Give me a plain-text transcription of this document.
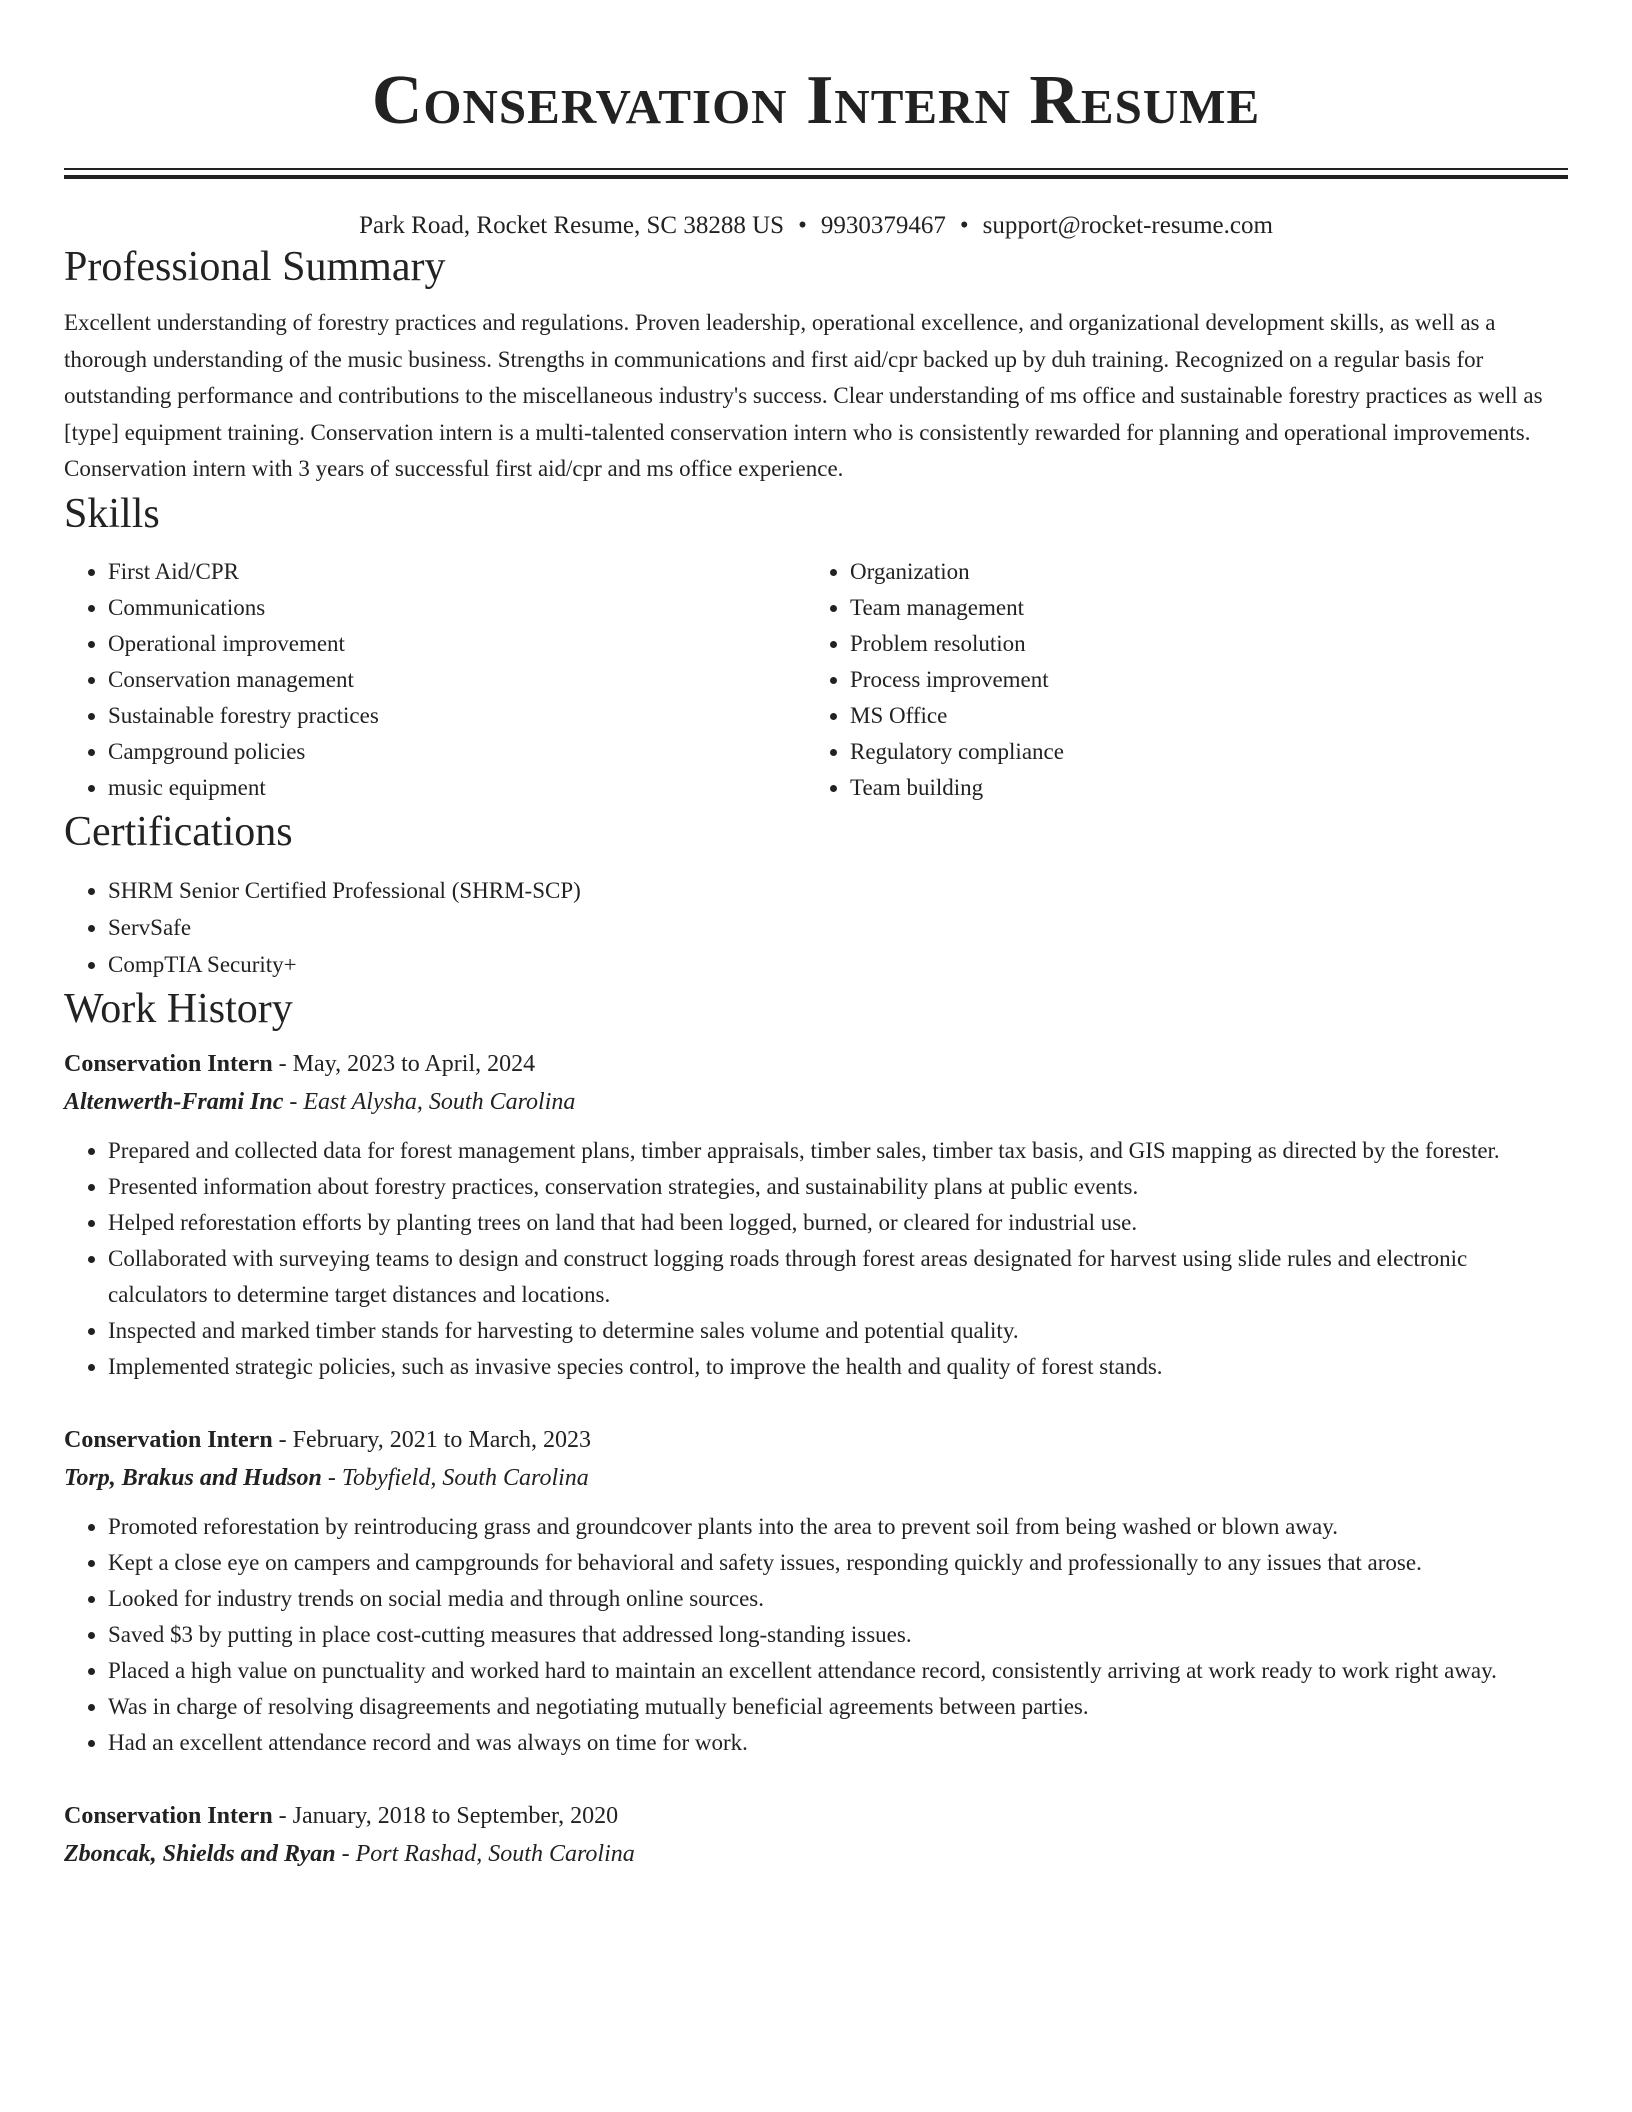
Conservation Intern Resume
Park Road, Rocket Resume, SC 38288 US • 9930379467 • support@rocket-resume.com
Professional Summary

Excellent understanding of forestry practices and regulations. Proven leadership, operational excellence, and organizational development skills, as well as a thorough understanding of the music business. Strengths in communications and first aid/cpr backed up by duh training. Recognized on a regular basis for outstanding performance and contributions to the miscellaneous industry's success. Clear understanding of ms office and sustainable forestry practices as well as [type] equipment training. Conservation intern is a multi-talented conservation intern who is consistently rewarded for planning and operational improvements. Conservation intern with 3 years of successful first aid/cpr and ms office experience.

Skills
• First Aid/CPR
• Communications
• Operational improvement
• Conservation management
• Sustainable forestry practices
• Campground policies
• music equipment
• Organization
• Team management
• Problem resolution
• Process improvement
• MS Office
• Regulatory compliance
• Team building
Certifications
• SHRM Senior Certified Professional (SHRM-SCP)
• ServSafe
• CompTIA Security+
Work History
Conservation Intern - May, 2023 to April, 2024
Altenwerth-Frami Inc - East Alysha, South Carolina
• Prepared and collected data for forest management plans, timber appraisals, timber sales, timber tax basis, and GIS mapping as directed by the forester.
• Presented information about forestry practices, conservation strategies, and sustainability plans at public events.
• Helped reforestation efforts by planting trees on land that had been logged, burned, or cleared for industrial use.
• Collaborated with surveying teams to design and construct logging roads through forest areas designated for harvest using slide rules and electronic calculators to determine target distances and locations.
• Inspected and marked timber stands for harvesting to determine sales volume and potential quality.
• Implemented strategic policies, such as invasive species control, to improve the health and quality of forest stands.
Conservation Intern - February, 2021 to March, 2023
Torp, Brakus and Hudson - Tobyfield, South Carolina
• Promoted reforestation by reintroducing grass and groundcover plants into the area to prevent soil from being washed or blown away.
• Kept a close eye on campers and campgrounds for behavioral and safety issues, responding quickly and professionally to any issues that arose.
• Looked for industry trends on social media and through online sources.
• Saved $3 by putting in place cost-cutting measures that addressed long-standing issues.
• Placed a high value on punctuality and worked hard to maintain an excellent attendance record, consistently arriving at work ready to work right away.
• Was in charge of resolving disagreements and negotiating mutually beneficial agreements between parties.
• Had an excellent attendance record and was always on time for work.
Conservation Intern - January, 2018 to September, 2020
Zboncak, Shields and Ryan - Port Rashad, South Carolina
